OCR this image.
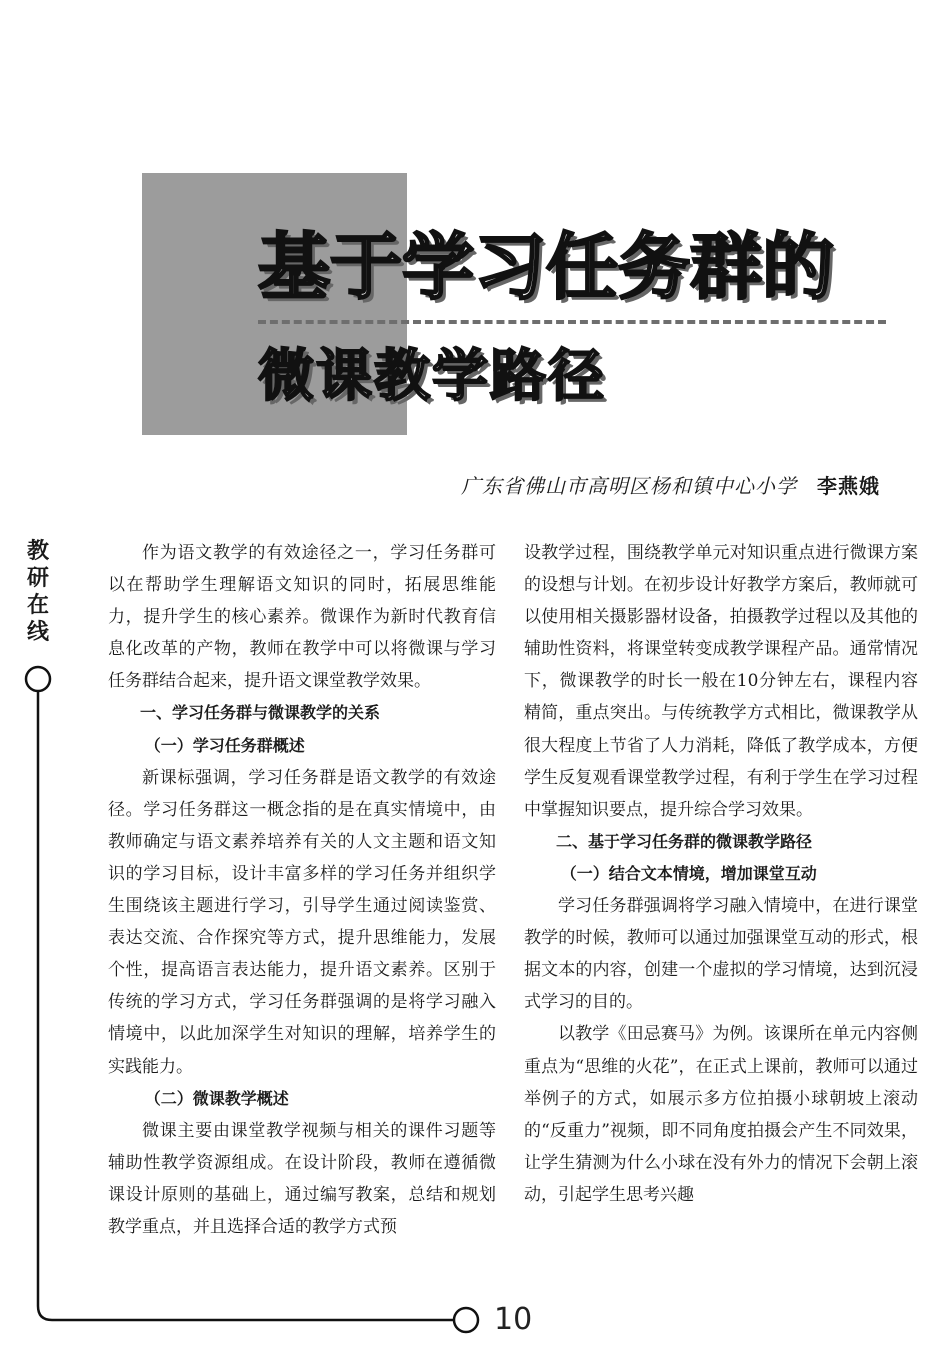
基于学习任务群的
微课教学路径
广东省佛山市高明区杨和镇中心小学 李燕娥
教
研
在
线
10

作为语文教学的有效途径之一，学习任务群可以在帮助学生理解语文知识的同时，拓展思维能力，提升学生的核心素养。微课作为新时代教育信息化改革的产物，教师在教学中可以将微课与学习任务群结合起来，提升语文课堂教学效果。

一、学习任务群与微课教学的关系

（一）学习任务群概述

新课标强调，学习任务群是语文教学的有效途径。学习任务群这一概念指的是在真实情境中，由教师确定与语文素养培养有关的人文主题和语文知识的学习目标，设计丰富多样的学习任务并组织学生围绕该主题进行学习，引导学生通过阅读鉴赏、表达交流、合作探究等方式，提升思维能力，发展个性，提高语言表达能力，提升语文素养。区别于传统的学习方式，学习任务群强调的是将学习融入情境中，以此加深学生对知识的理解，培养学生的实践能力。

（二）微课教学概述

微课主要由课堂教学视频与相关的课件习题等辅助性教学资源组成。在设计阶段，教师在遵循微课设计原则的基础上，通过编写教案，总结和规划教学重点，并且选择合适的教学方式预

设教学过程，围绕教学单元对知识重点进行微课方案的设想与计划。在初步设计好教学方案后，教师就可以使用相关摄影器材设备，拍摄教学过程以及其他的辅助性资料，将课堂转变成教学课程产品。通常情况下，微课教学的时长一般在10分钟左右，课程内容精简，重点突出。与传统教学方式相比，微课教学从很大程度上节省了人力消耗，降低了教学成本，方便学生反复观看课堂教学过程，有利于学生在学习过程中掌握知识要点，提升综合学习效果。

二、基于学习任务群的微课教学路径

（一）结合文本情境，增加课堂互动

学习任务群强调将学习融入情境中，在进行课堂教学的时候，教师可以通过加强课堂互动的形式，根据文本的内容，创建一个虚拟的学习情境，达到沉浸式学习的目的。

以教学《田忌赛马》为例。该课所在单元内容侧重点为“思维的火花”，在正式上课前，教师可以通过举例子的方式，如展示多方位拍摄小球朝坡上滚动的“反重力”视频，即不同角度拍摄会产生不同效果，让学生猜测为什么小球在没有外力的情况下会朝上滚动，引起学生思考兴趣
